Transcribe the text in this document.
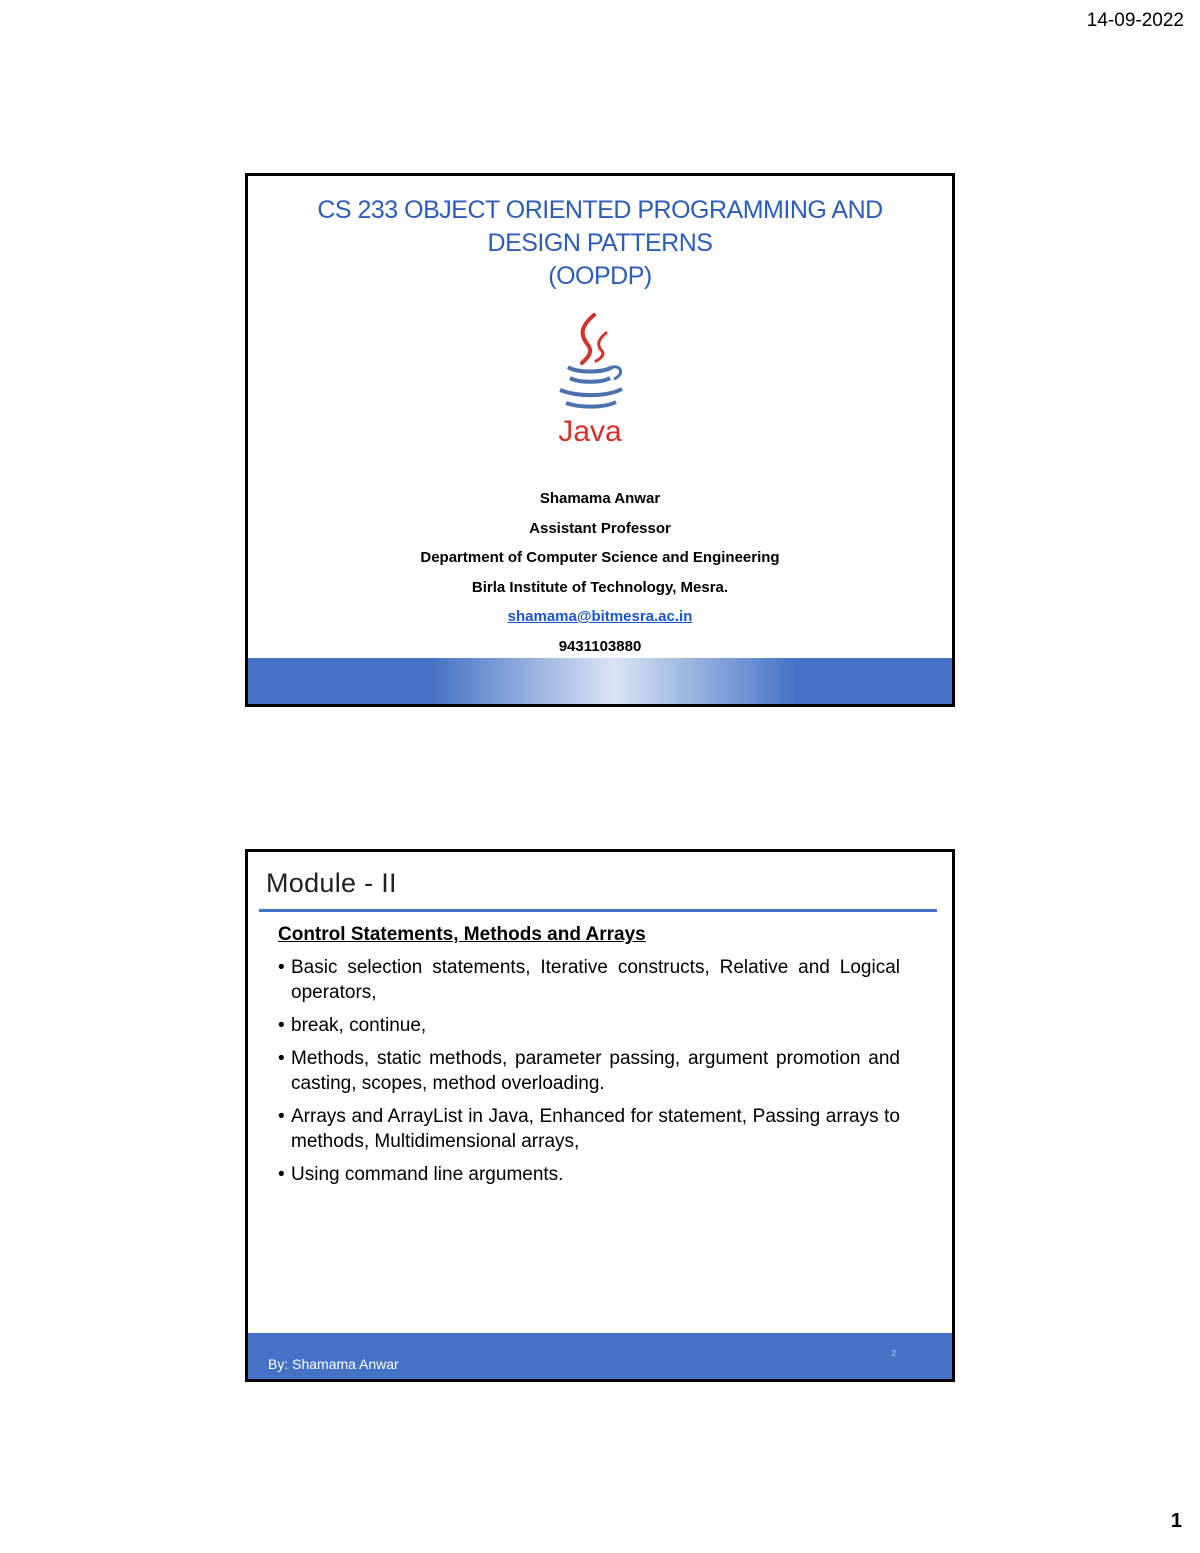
14-09-2022
CS 233 OBJECT ORIENTED PROGRAMMING AND
DESIGN PATTERNS
(OOPDP)
Java
Shamama Anwar
Assistant Professor
Department of Computer Science and Engineering
Birla Institute of Technology, Mesra.
shamama@bitmesra.ac.in
9431103880
Module - II
Control Statements, Methods and Arrays
• Basic selection statements, Iterative constructs, Relative and Logical operators,
• break, continue,
• Methods, static methods, parameter passing, argument promotion and casting, scopes, method overloading.
• Arrays and ArrayList in Java, Enhanced for statement, Passing arrays to methods, Multidimensional arrays,
• Using command line arguments.
By: Shamama Anwar
2
1
